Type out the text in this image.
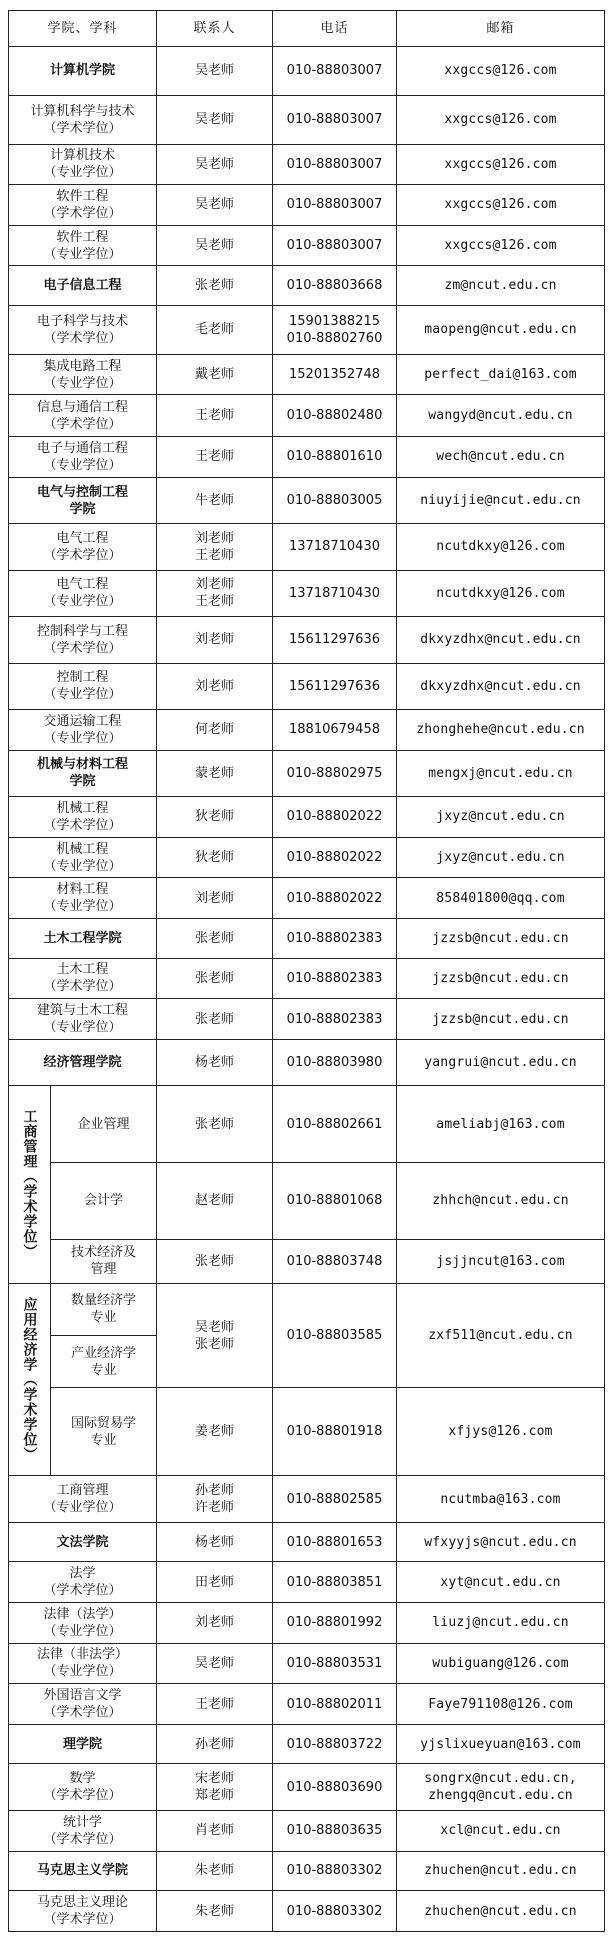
学院、学科		联系人	电话	邮箱
计算机学院		吴老师	010-88803007	xxgccs@126.com
计算机科学与技术
（学术学位）		吴老师	010-88803007	xxgccs@126.com
计算机技术
（专业学位）		吴老师	010-88803007	xxgccs@126.com
软件工程
（学术学位）		吴老师	010-88803007	xxgccs@126.com
软件工程
（专业学位）		吴老师	010-88803007	xxgccs@126.com
电子信息工程		张老师	010-88803668	zm@ncut.edu.cn
电子科学与技术
（学术学位）		毛老师	15901388215
010-88802760	maopeng@ncut.edu.cn
集成电路工程
（专业学位）		戴老师	15201352748	perfect_dai@163.com
信息与通信工程
（学术学位）		王老师	010-88802480	wangyd@ncut.edu.cn
电子与通信工程
（专业学位）		王老师	010-88801610	wech@ncut.edu.cn
电气与控制工程
学院		牛老师	010-88803005	niuyijie@ncut.edu.cn
电气工程
（学术学位）		刘老师
王老师	13718710430	ncutdkxy@126.com
电气工程
（专业学位）		刘老师
王老师	13718710430	ncutdkxy@126.com
控制科学与工程
（学术学位）		刘老师	15611297636	dkxyzdhx@ncut.edu.cn
控制工程
（专业学位）		刘老师	15611297636	dkxyzdhx@ncut.edu.cn
交通运输工程
（专业学位）		何老师	18810679458	zhonghehe@ncut.edu.cn
机械与材料工程
学院		蒙老师	010-88802975	mengxj@ncut.edu.cn
机械工程
（学术学位）		狄老师	010-88802022	jxyz@ncut.edu.cn
机械工程
（专业学位）		狄老师	010-88802022	jxyz@ncut.edu.cn
材料工程
（专业学位）		刘老师	010-88802022	858401800@qq.com
土木工程学院		张老师	010-88802383	jzzsb@ncut.edu.cn
土木工程
（学术学位）		张老师	010-88802383	jzzsb@ncut.edu.cn
建筑与土木工程
（专业学位）		张老师	010-88802383	jzzsb@ncut.edu.cn
经济管理学院		杨老师	010-88803980	yangrui@ncut.edu.cn

工商管理（学术学位）	企业管理	张老师	010-88802661	ameliabj@163.com
	会计学	赵老师	010-88801068	zhhch@ncut.edu.cn
	技术经济及
管理	张老师	010-88803748	jsjjncut@163.com

应用经济学（学术学位）	数量经济学
专业	吴老师
张老师	010-88803585	zxf511@ncut.edu.cn
	产业经济学
专业			
	国际贸易学
专业	姜老师	010-88801918	xfjys@126.com
工商管理
（专业学位）		孙老师
许老师	010-88802585	ncutmba@163.com
文法学院		杨老师	010-88801653	wfxyyjs@ncut.edu.cn
法学
（学术学位）		田老师	010-88803851	xyt@ncut.edu.cn
法律（法学）
（专业学位）		刘老师	010-88801992	liuzj@ncut.edu.cn
法律（非法学）
（专业学位）		吴老师	010-88803531	wubiguang@126.com
外国语言文学
（学术学位）		王老师	010-88802011	Faye791108@126.com
理学院		孙老师	010-88803722	yjslixueyuan@163.com
数学
（学术学位）		宋老师
郑老师	010-88803690	songrx@ncut.edu.cn,
zhengq@ncut.edu.cn
统计学
（学术学位）		肖老师	010-88803635	xcl@ncut.edu.cn
马克思主义学院		朱老师	010-88803302	zhuchen@ncut.edu.cn
马克思主义理论
（学术学位）		朱老师	010-88803302	zhuchen@ncut.edu.cn
